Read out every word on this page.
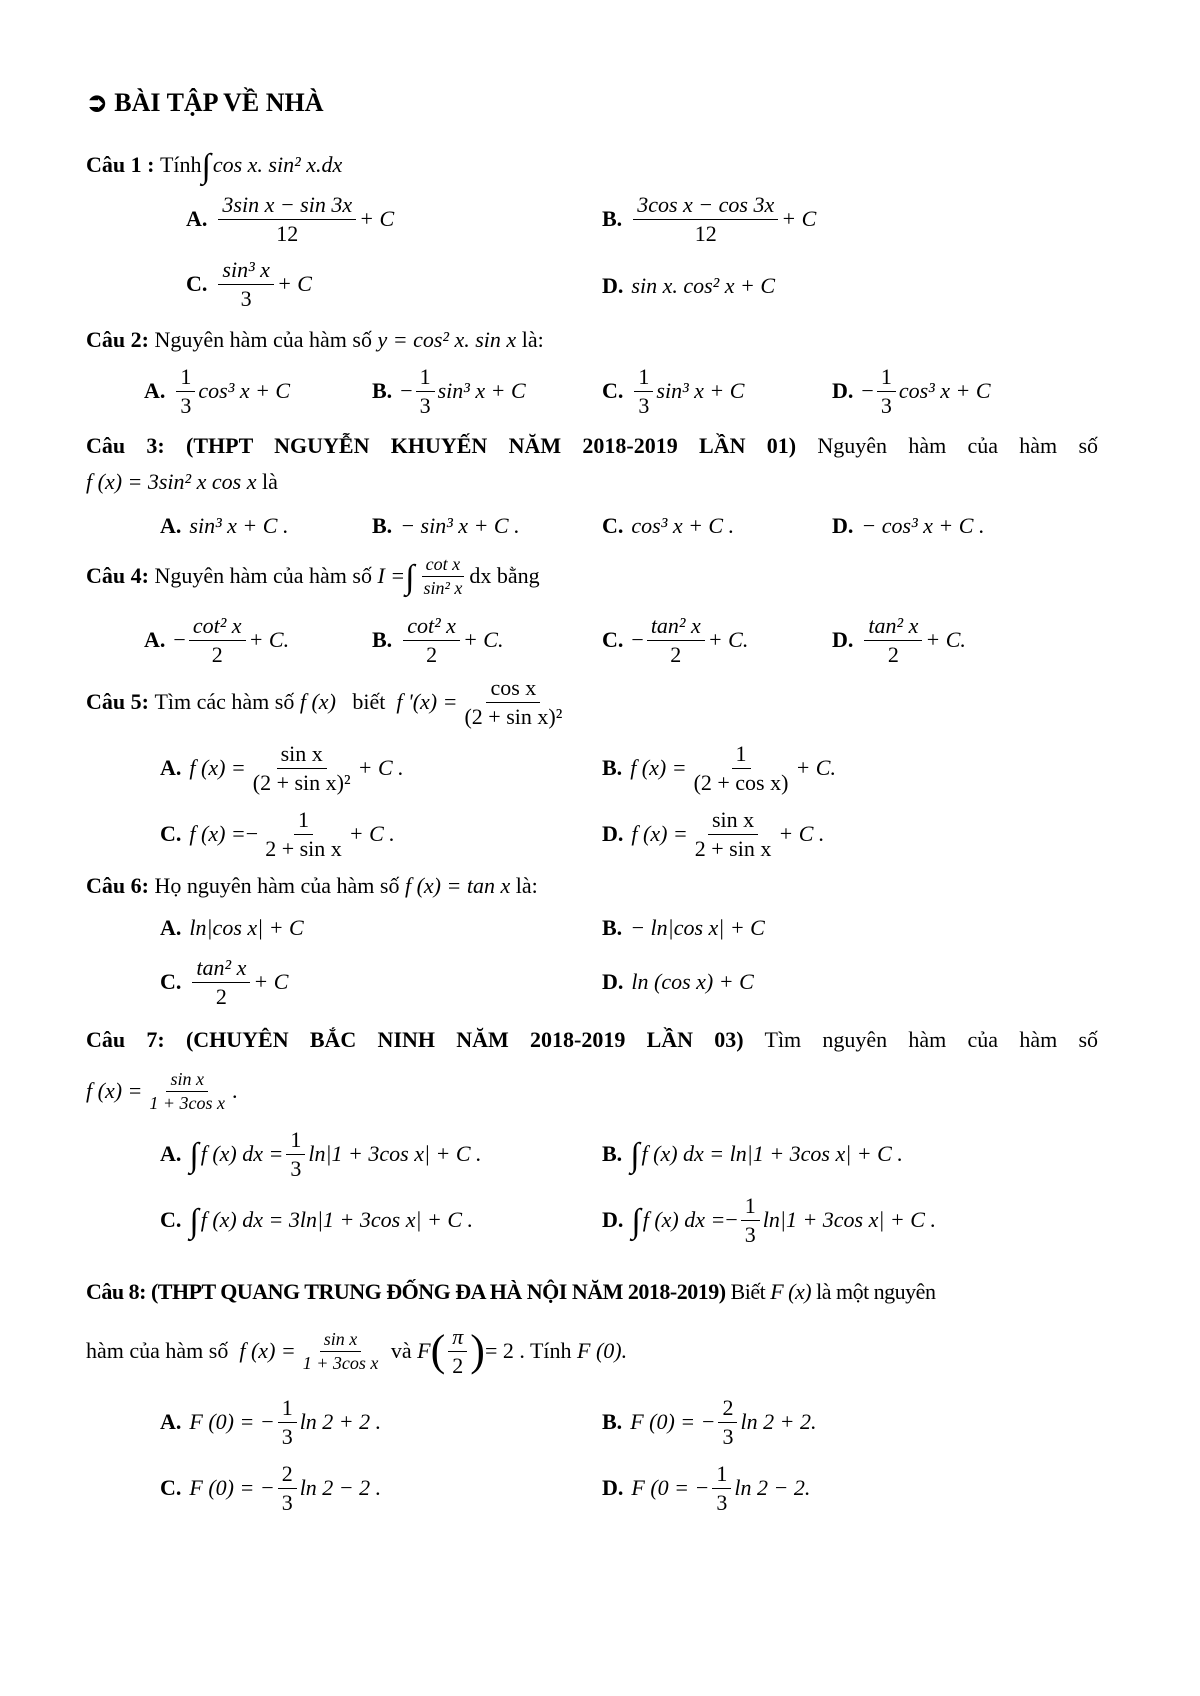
➲ BÀI TẬP VỀ NHÀ
Câu 1 :
Tính ∫ cos x. sin² x.dx
A. $\frac{\text{3sin x − sin 3x}}{12} + C$	B. $\frac{\text{3cos x − cos 3x}}{12} + C$
C. $\frac{\text{sin³ x}}{3} + C$	D. sin x. cos² x + C
Câu 2:
Nguyên hàm của hàm số
y = cos² x. sin x
là:
A. $\frac{1}{3} \cos^3$ x + C	B. − $\frac{1}{3} \sin^3$ x + C	C. $\frac{1}{3} \sin^3$ x + C	D. − $\frac{1}{3} \cos^3$ x + C
Câu 3: (THPT NGUYỄN KHUYẾN NĂM 2018-2019 LẦN 01) Nguyên hàm của hàm số
f (x) = 3sin² x cos x
là
A. sin³ x + C .	B. − sin³ x + C .	C. cos³ x + C .	D. − cos³ x + C .
Câu 4:
Nguyên hàm của hàm số
I = ∫ $\frac{\text{cot x}}{\text{sin² x}}$ dx
bằng
A. − $\frac{\text{cot² x}}{2} + C$.	B. $\frac{\text{cot² x}}{2} + C$.	C. − $\frac{\text{tan² x}}{2} + C$.	D. $\frac{\text{tan² x}}{2} + C$.
Câu 5:
Tìm các hàm số
f (x)
biết
f '$(x) = \frac{\text{cos x}}{\text{(2 + sin x)²}}$
A. f $(x) = \frac{\text{sin x}}{\text{(2 + sin x)²}} + C$ .	B. f $(x) = \frac{1}{\text{(2 + cos x)}} + C$.
C. f (x) = − $\frac{1}{\text{2 + sin x}} + C$ .	D. f $(x) = \frac{\text{sin x}}{\text{2 + sin x}} + C$ .
Câu 6:
Họ nguyên hàm của hàm số
f (x) = tan x
là:
A. ln|cos x| + C	B. − ln|cos x| + C
C. $\frac{\text{tan² x}}{2} + C$	D. ln (cos x) + C
Câu 7: (CHUYÊN BẮC NINH NĂM 2018-2019 LẦN 03) Tìm nguyên hàm của hàm số
f $(x) = \frac{\text{sin x}}{\text{1 + 3cos x}}$ .
A. ∫ f (x) dx = $\frac{1}{3} \ln|1 + 3\cos$ x| + C .	B. ∫ f (x) dx =
ln|1 + 3cos x| + C .
C. ∫ f (x) dx =
3ln|1 + 3cos x| + C .	D. ∫ f (x) dx = − $\frac{1}{3} \ln|1 + 3\cos$ x| + C .
Câu 8:
(THPT QUANG TRUNG ĐỐNG ĐA HÀ NỘI NĂM 2018-2019)
Biết
F (x)
là một nguyên
hàm của hàm số
f $(x) = \frac{\text{sin x}}{\text{1 + 3cos x}}$
và
F ( $\frac{\pi}{2}$ ) = 2
. Tính
F (0).
A. F (0) = − $\frac{1}{3}$ ln 2 + 2 .	B. F (0) = − $\frac{2}{3}$ ln 2 + 2.
C. F (0) = − $\frac{2}{3}$ ln 2 − 2 .	D. F (0 = − $\frac{1}{3}$ ln 2 − 2.
